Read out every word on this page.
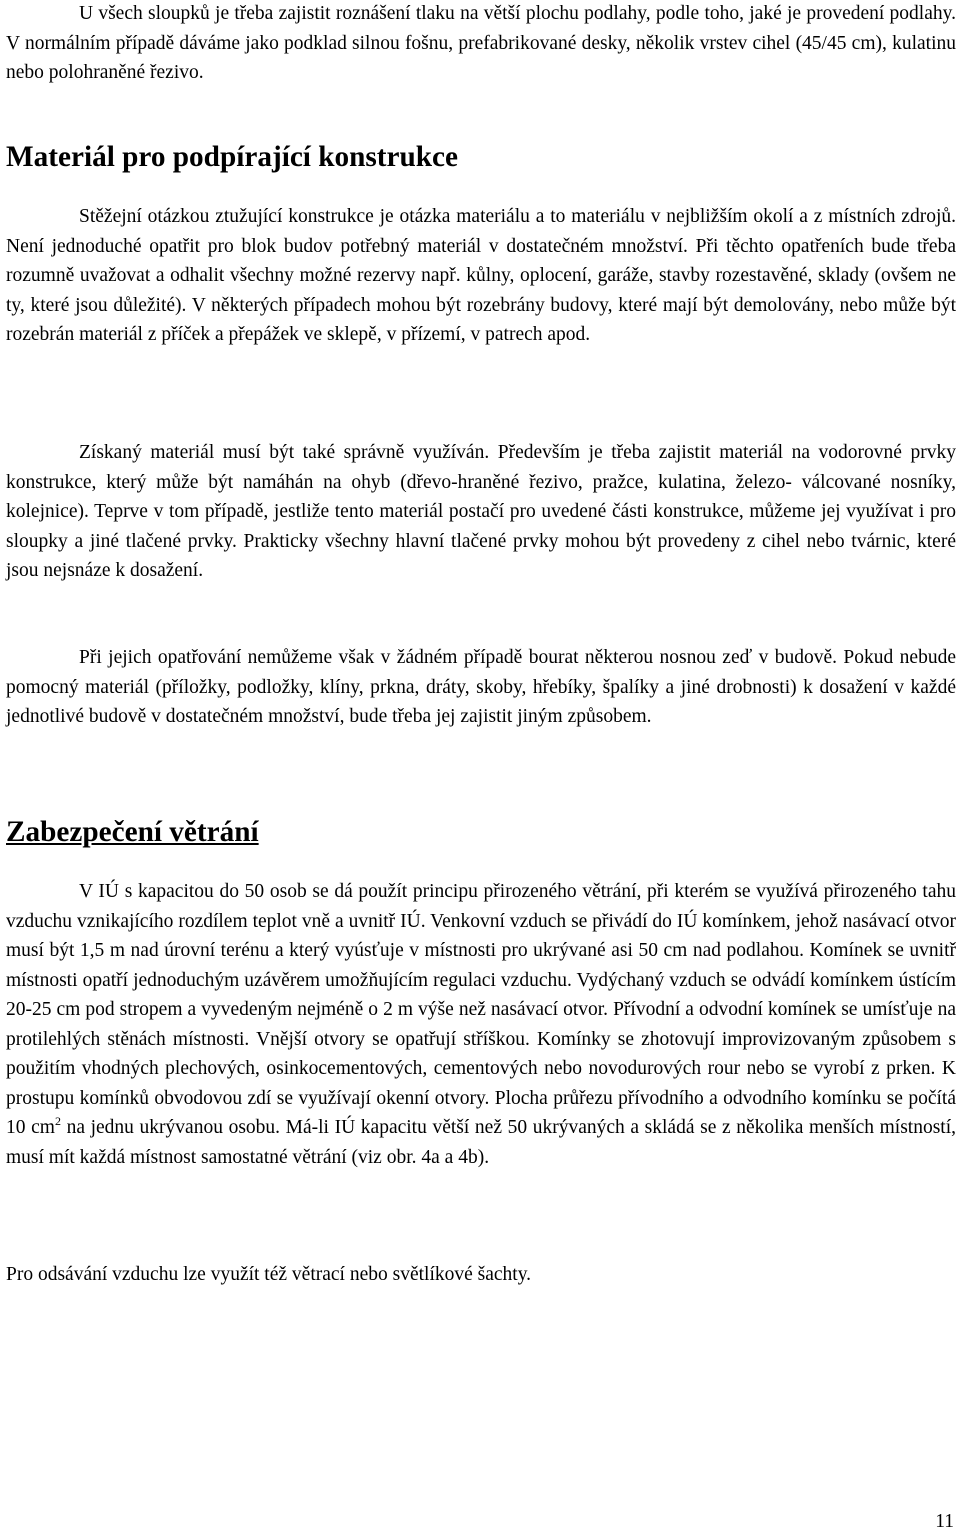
U všech sloupků je třeba zajistit roznášení tlaku na větší plochu podlahy, podle toho, jaké je provedení podlahy. V normálním případě dáváme jako podklad silnou fošnu, prefabrikované desky, několik vrstev cihel (45/45 cm), kulatinu nebo polohraněné řezivo.

Materiál pro podpírající konstrukce

Stěžejní otázkou ztužující konstrukce je otázka materiálu a to materiálu v nejbližším okolí a z místních zdrojů. Není jednoduché opatřit pro blok budov potřebný materiál v dostatečném množství. Při těchto opatřeních bude třeba rozumně uvažovat a odhalit všechny možné rezervy např. kůlny, oplocení, garáže, stavby rozestavěné, sklady (ovšem ne ty, které jsou důležité). V některých případech mohou být rozebrány budovy, které mají být demolovány, nebo může být rozebrán materiál z příček a přepážek ve sklepě, v přízemí, v patrech apod.

Získaný materiál musí být také správně využíván. Především je třeba zajistit materiál na vodorovné prvky konstrukce, který může být namáhán na ohyb (dřevo-hraněné řezivo, pražce, kulatina, železo- válcované nosníky, kolejnice). Teprve v tom případě, jestliže tento materiál postačí pro uvedené části konstrukce, můžeme jej využívat i pro sloupky a jiné tlačené prvky. Prakticky všechny hlavní tlačené prvky mohou být provedeny z cihel nebo tvárnic, které jsou nejsnáze k dosažení.

Při jejich opatřování nemůžeme však v žádném případě bourat některou nosnou zeď v budově. Pokud nebude pomocný materiál (příložky, podložky, klíny, prkna, dráty, skoby, hřebíky, špalíky a jiné drobnosti) k dosažení v každé jednotlivé budově v dostatečném množství, bude třeba jej zajistit jiným způsobem.

Zabezpečení větrání

V IÚ s kapacitou do 50 osob se dá použít principu přirozeného větrání, při kterém se využívá přirozeného tahu vzduchu vznikajícího rozdílem teplot vně a uvnitř IÚ. Venkovní vzduch se přivádí do IÚ komínkem, jehož nasávací otvor musí být 1,5 m nad úrovní terénu a který vyúsťuje v místnosti pro ukrývané asi 50 cm nad podlahou. Komínek se uvnitř místnosti opatří jednoduchým uzávěrem umožňujícím regulaci vzduchu. Vydýchaný vzduch se odvádí komínkem ústícím 20-25 cm pod stropem a vyvedeným nejméně o 2 m výše než nasávací otvor. Přívodní a odvodní komínek se umísťuje na protilehlých stěnách místnosti. Vnější otvory se opatřují stříškou. Komínky se zhotovují improvizovaným způsobem s použitím vhodných plechových, osinkocementových, cementových nebo novodurových rour nebo se vyrobí z prken. K prostupu komínků obvodovou zdí se využívají okenní otvory. Plocha průřezu přívodního a odvodního komínku se počítá 10 $cm^2$ na jednu ukrývanou osobu. Má-li IÚ kapacitu větší než 50 ukrývaných a skládá se z několika menších místností, musí mít každá místnost samostatné větrání (viz obr. 4a a 4b).

Pro odsávání vzduchu lze využít též větrací nebo světlíkové šachty.

11
